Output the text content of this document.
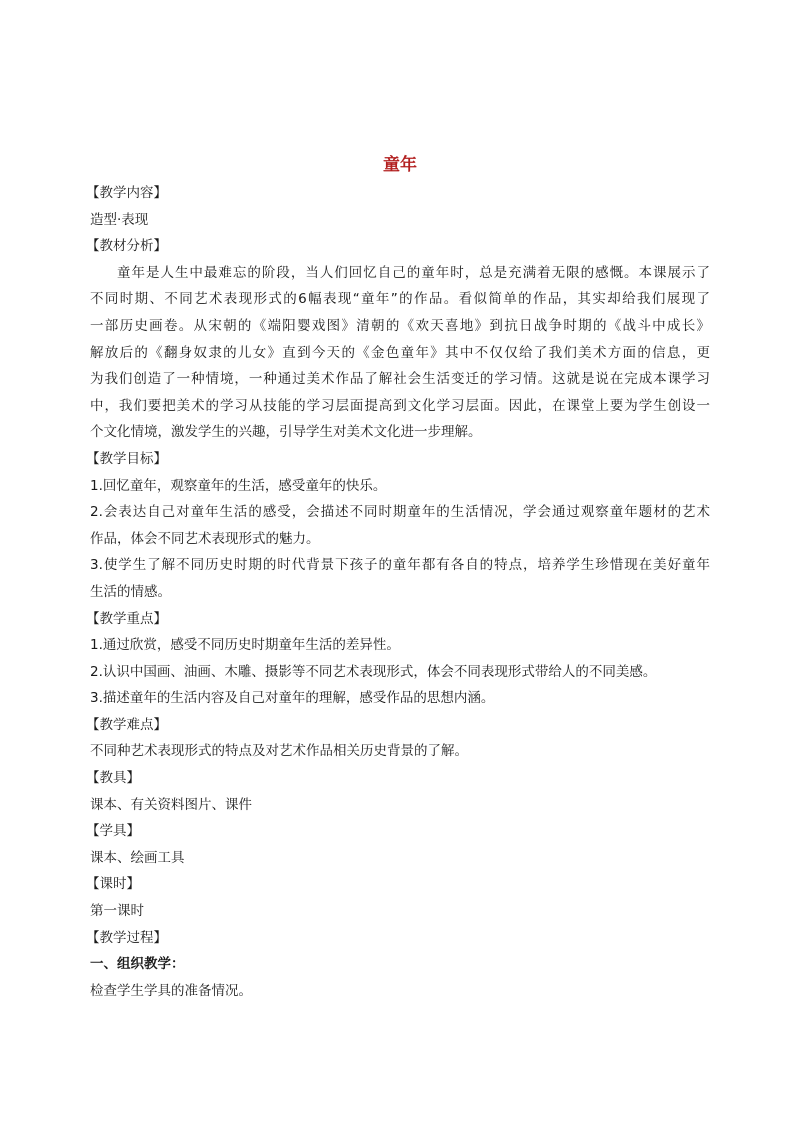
童年
【教学内容】
造型·表现
【教材分析】
童年是人生中最难忘的阶段，当人们回忆自己的童年时，总是充满着无限的感慨。本课展示了
不同时期、不同艺术表现形式的6幅表现“童年”的作品。看似简单的作品，其实却给我们展现了
一部历史画卷。从宋朝的《端阳婴戏图》清朝的《欢天喜地》到抗日战争时期的《战斗中成长》
解放后的《翻身奴隶的儿女》直到今天的《金色童年》其中不仅仅给了我们美术方面的信息，更
为我们创造了一种情境，一种通过美术作品了解社会生活变迁的学习情。这就是说在完成本课学习
中，我们要把美术的学习从技能的学习层面提高到文化学习层面。因此，在课堂上要为学生创设一
个文化情境，激发学生的兴趣，引导学生对美术文化进一步理解。
【教学目标】
1.回忆童年，观察童年的生活，感受童年的快乐。
2.会表达自己对童年生活的感受，会描述不同时期童年的生活情况，学会通过观察童年题材的艺术
作品，体会不同艺术表现形式的魅力。
3.使学生了解不同历史时期的时代背景下孩子的童年都有各自的特点，培养学生珍惜现在美好童年
生活的情感。
【教学重点】
1.通过欣赏，感受不同历史时期童年生活的差异性。
2.认识中国画、油画、木雕、摄影等不同艺术表现形式，体会不同表现形式带给人的不同美感。
3.描述童年的生活内容及自己对童年的理解，感受作品的思想内涵。
【教学难点】
不同种艺术表现形式的特点及对艺术作品相关历史背景的了解。
【教具】
课本、有关资料图片、课件
【学具】
课本、绘画工具
【课时】
第一课时
【教学过程】
一、组织教学：
检查学生学具的准备情况。
